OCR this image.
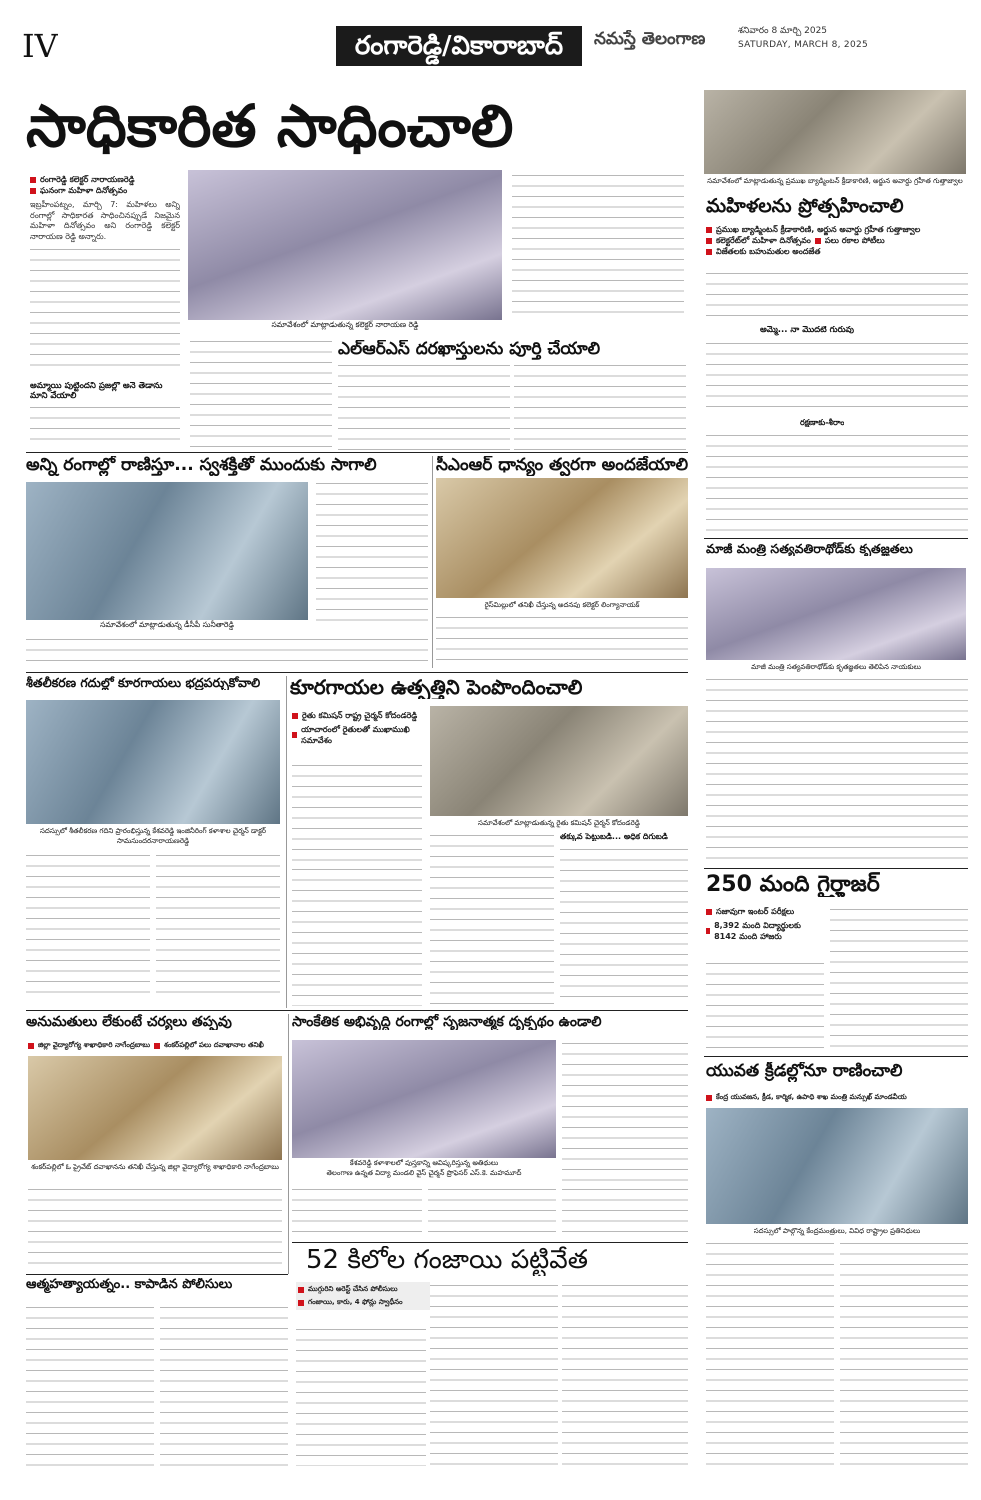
IV	రంగారెడ్డి/వికారాబాద్	నమస్తే తెలంగాణ	శనివారం 8 మార్చి 2025
SATURDAY, MARCH 8, 2025
సాధికారిత సాధించాలి
రంగారెడ్డి కలెక్టర్ నారాయణరెడ్డి
ఘనంగా మహిళా దినోత్సవం
ఇబ్రహీంపట్నం, మార్చి 7: మహిళలు అన్ని రంగాల్లో సాధికారత సాధించినప్పుడే నిజమైన మహిళా దినోత్సవం అని రంగారెడ్డి కలెక్టర్ నారాయణ రెడ్డి అన్నారు.
అమ్మాయి పుట్టిందని ప్రజల్లో అనే తేడాను మాని వేయాలి
సమావేశంలో మాట్లాడుతున్న కలెక్టర్ నారాయణ రెడ్డి
ఎల్‌ఆర్‌ఎస్ దరఖాస్తులను పూర్తి చేయాలి
సమావేశంలో మాట్లాడుతున్న ప్రముఖ బ్యాడ్మింటన్ క్రీడాకారిణి, అర్జున అవార్డు గ్రహీత గుత్తాజ్వాల
మహిళలను ప్రోత్సహించాలి
ప్రముఖ బ్యాడ్మింటన్ క్రీడాకారిణి, అర్జున అవార్డు గ్రహీత గుత్తాజ్వాల
కలెక్టరేట్‌లో మహిళా దినోత్సవం పలు రకాల పోటీలు
విజేతలకు బహుమతుల అందజేత
అమ్మే... నా మొదటి గురువు
రక్షణాకు-శీరాం
అన్ని రంగాల్లో రాణిస్తూ... స్వశక్తితో ముందుకు సాగాలి
సమావేశంలో మాట్లాడుతున్న డీసీపీ సునీతారెడ్డి
సీఎంఆర్ ధాన్యం త్వరగా అందజేయాలి
రైస్‌మిల్లులో తనిఖీ చేస్తున్న అదనపు కలెక్టర్ లింగ్యానాయక్
మాజీ మంత్రి సత్యవతిరాథోడ్‌కు కృతజ్ఞతలు
మాజీ మంత్రి సత్యవతిరాథోడ్‌కు కృతజ్ఞతలు తెలిపిన నాయకులు
శీతలీకరణ గదుల్లో కూరగాయలు భద్రపర్చుకోవాలి
సదస్సులో శీతలీకరణ గదిని ప్రారంభిస్తున్న కేశవరెడ్డి ఇంజినీరింగ్ కళాశాల చైర్మన్ డాక్టర్ సామసుందరనారాయణరెడ్డి
కూరగాయల ఉత్పత్తిని పెంపొందించాలి
రైతు కమిషన్ రాష్ట్ర చైర్మన్ కోదండరెడ్డి
యాచారంలో రైతులతో ముఖాముఖి సమావేశం
సమావేశంలో మాట్లాడుతున్న రైతు కమిషన్ చైర్మన్ కోదండరెడ్డి
తక్కువ పెట్టుబడి... అధిక దిగుబడి
250 మంది గైర్హాజర్
సజావుగా ఇంటర్ పరీక్షలు
8,392 మంది విద్యార్థులకు 8142 మంది హాజరు
అనుమతులు లేకుంటే చర్యలు తప్పవు
జిల్లా వైద్యారోగ్య శాఖాధికారి నాగేంద్రబాబు శంకర్‌పల్లిలో పలు దవాఖానాల తనిఖీ
శంకర్‌పల్లిలో ఓ ప్రైవేట్ దవాఖానను తనిఖీ చేస్తున్న జిల్లా వైద్యారోగ్య శాఖాధికారి నాగేంద్రబాబు
సాంకేతిక అభివృద్ధి రంగాల్లో సృజనాత్మక దృక్పథం ఉండాలి
కేశవరెడ్డి కళాశాలలో పుస్తకాన్ని ఆవిష్కరిస్తున్న అతిథులు
తెలంగాణ ఉన్నత విద్యా మండలి వైస్ చైర్మన్ ప్రొఫెసర్ ఎస్.కె. మహమూద్
యువత క్రీడల్లోనూ రాణించాలి
కేంద్ర యువజన, క్రీడ, కార్మిక, ఉపాధి శాఖ మంత్రి మన్సుఖ్ మాండవీయ
సదస్సులో పాల్గొన్న కేంద్రమంత్రులు, వివిధ రాష్ట్రాల ప్రతినిధులు
52 కిలోల గంజాయి పట్టివేత
ముగ్గురిని అరెస్ట్ చేసిన పోలీసులు
గంజాయి, కారు, 4 ఫోన్లు స్వాధీనం
ఆత్మహత్యాయత్నం.. కాపాడిన పోలీసులు
